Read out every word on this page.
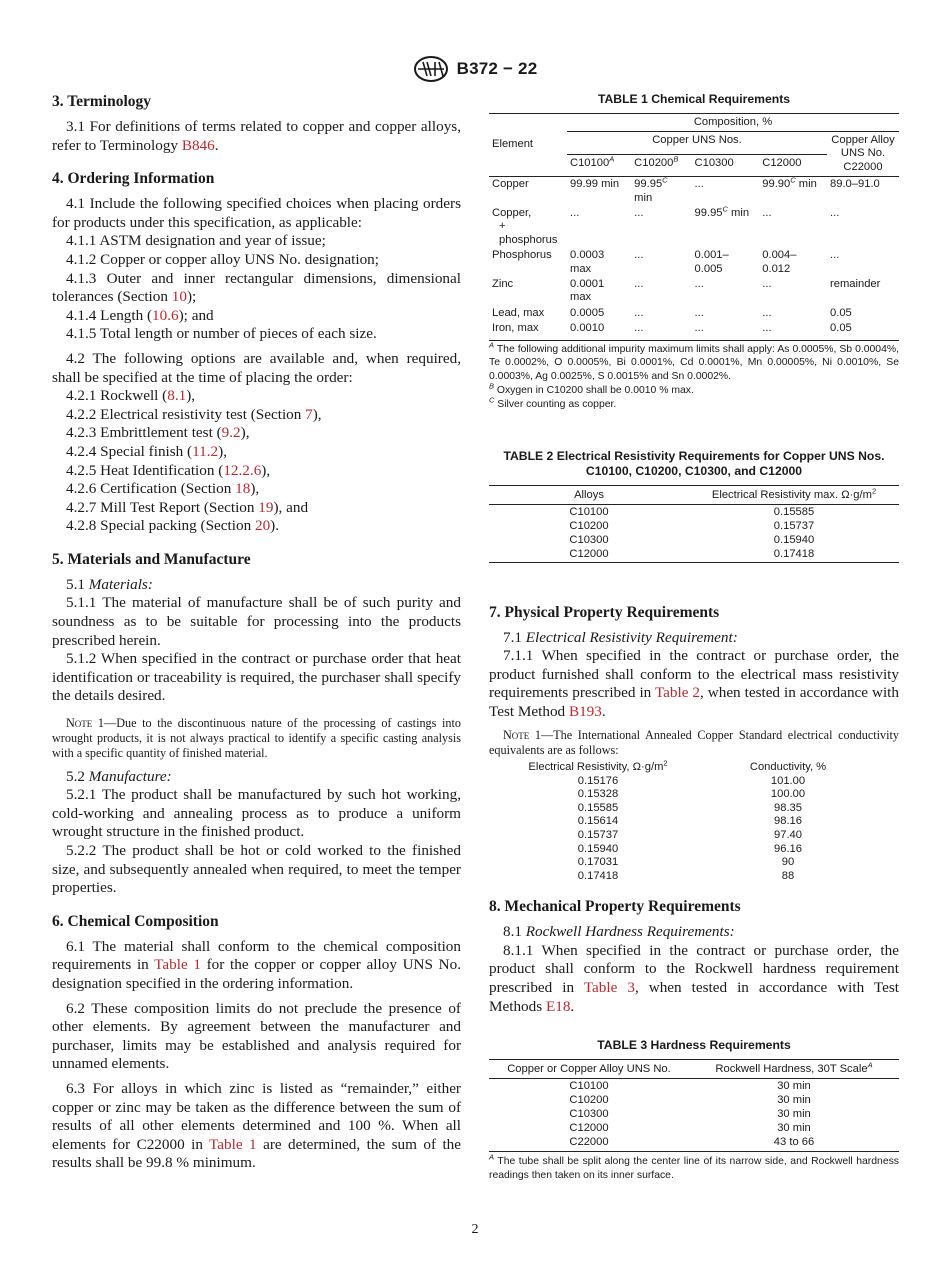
B372 − 22
3. Terminology

3.1 For definitions of terms related to copper and copper alloys, refer to Terminology B846.

4. Ordering Information

4.1 Include the following specified choices when placing orders for products under this specification, as applicable:

4.1.1 ASTM designation and year of issue;

4.1.2 Copper or copper alloy UNS No. designation;

4.1.3 Outer and inner rectangular dimensions, dimensional tolerances (Section 10);

4.1.4 Length (10.6); and

4.1.5 Total length or number of pieces of each size.

4.2 The following options are available and, when required, shall be specified at the time of placing the order:

4.2.1 Rockwell (8.1),

4.2.2 Electrical resistivity test (Section 7),

4.2.3 Embrittlement test (9.2),

4.2.4 Special finish (11.2),

4.2.5 Heat Identification (12.2.6),

4.2.6 Certification (Section 18),

4.2.7 Mill Test Report (Section 19), and

4.2.8 Special packing (Section 20).

5. Materials and Manufacture

5.1 Materials:

5.1.1 The material of manufacture shall be of such purity and soundness as to be suitable for processing into the products prescribed herein.

5.1.2 When specified in the contract or purchase order that heat identification or traceability is required, the purchaser shall specify the details desired.

Note 1—Due to the discontinuous nature of the processing of castings into wrought products, it is not always practical to identify a specific casting analysis with a specific quantity of finished material.

5.2 Manufacture:

5.2.1 The product shall be manufactured by such hot working, cold-working and annealing process as to produce a uniform wrought structure in the finished product.

5.2.2 The product shall be hot or cold worked to the finished size, and subsequently annealed when required, to meet the temper properties.

6. Chemical Composition

6.1 The material shall conform to the chemical composition requirements in Table 1 for the copper or copper alloy UNS No. designation specified in the ordering information.

6.2 These composition limits do not preclude the presence of other elements. By agreement between the manufacturer and purchaser, limits may be established and analysis required for unnamed elements.

6.3 For alloys in which zinc is listed as “remainder,” either copper or zinc may be taken as the difference between the sum of results of all other elements determined and 100 %. When all elements for C22000 in Table 1 are determined, the sum of the results shall be 99.8 % minimum.

TABLE 1 Chemical Requirements
Element	Composition, %				
	Copper UNS Nos.				Copper Alloy UNS No. C22000
	$C10100^A$	$C10200^B$	C10300	C12000	

Copper	99.99 min	$99.95^C$ min	...	$99.90^C$ min	89.0–91.0

Copper,
+ phosphorus	...	...	$99.95^C$ min	...	...

Phosphorus	0.0003 max	...	0.001–0.005	0.004–0.012	...

Zinc	0.0001 max	...	...	...	remainder

Lead, max	0.0005	...	...	...	0.05

Iron, max	0.0010	...	...	...	0.05

$^A$ The following additional impurity maximum limits shall apply: As 0.0005%, Sb 0.0004%, Te 0.0002%, O 0.0005%, Bi 0.0001%, Cd 0.0001%, Mn 0.00005%, Ni 0.0010%, Se 0.0003%, Ag 0.0025%, S 0.0015% and Sn 0.0002%.

$^B$ Oxygen in C10200 shall be 0.0010 % max.

$^C$ Silver counting as copper.

TABLE 2 Electrical Resistivity Requirements for Copper UNS Nos. C10100, C10200, C10300, and C12000
Alloys	Electrical Resistivity max. $\Omega\cdot g/m^2$
C10100	0.15585
C10200	0.15737
C10300	0.15940
C12000	0.17418
7. Physical Property Requirements

7.1 Electrical Resistivity Requirement:

7.1.1 When specified in the contract or purchase order, the product furnished shall conform to the electrical mass resistivity requirements prescribed in Table 2, when tested in accordance with Test Method B193.

Note 1—The International Annealed Copper Standard electrical conductivity equivalents are as follows:

Electrical Resistivity, $\Omega\cdot g/m^2$	Conductivity, %
0.15176	101.00
0.15328	100.00
0.15585	98.35
0.15614	98.16
0.15737	97.40
0.15940	96.16
0.17031	90
0.17418	88
8. Mechanical Property Requirements

8.1 Rockwell Hardness Requirements:

8.1.1 When specified in the contract or purchase order, the product shall conform to the Rockwell hardness requirement prescribed in Table 3, when tested in accordance with Test Methods E18.

TABLE 3 Hardness Requirements
Copper or Copper Alloy UNS No.	Rockwell Hardness, 30T Scale$^A$
C10100	30 min
C10200	30 min
C10300	30 min
C12000	30 min
C22000	43 to 66

$^A$ The tube shall be split along the center line of its narrow side, and Rockwell hardness readings then taken on its inner surface.

2
